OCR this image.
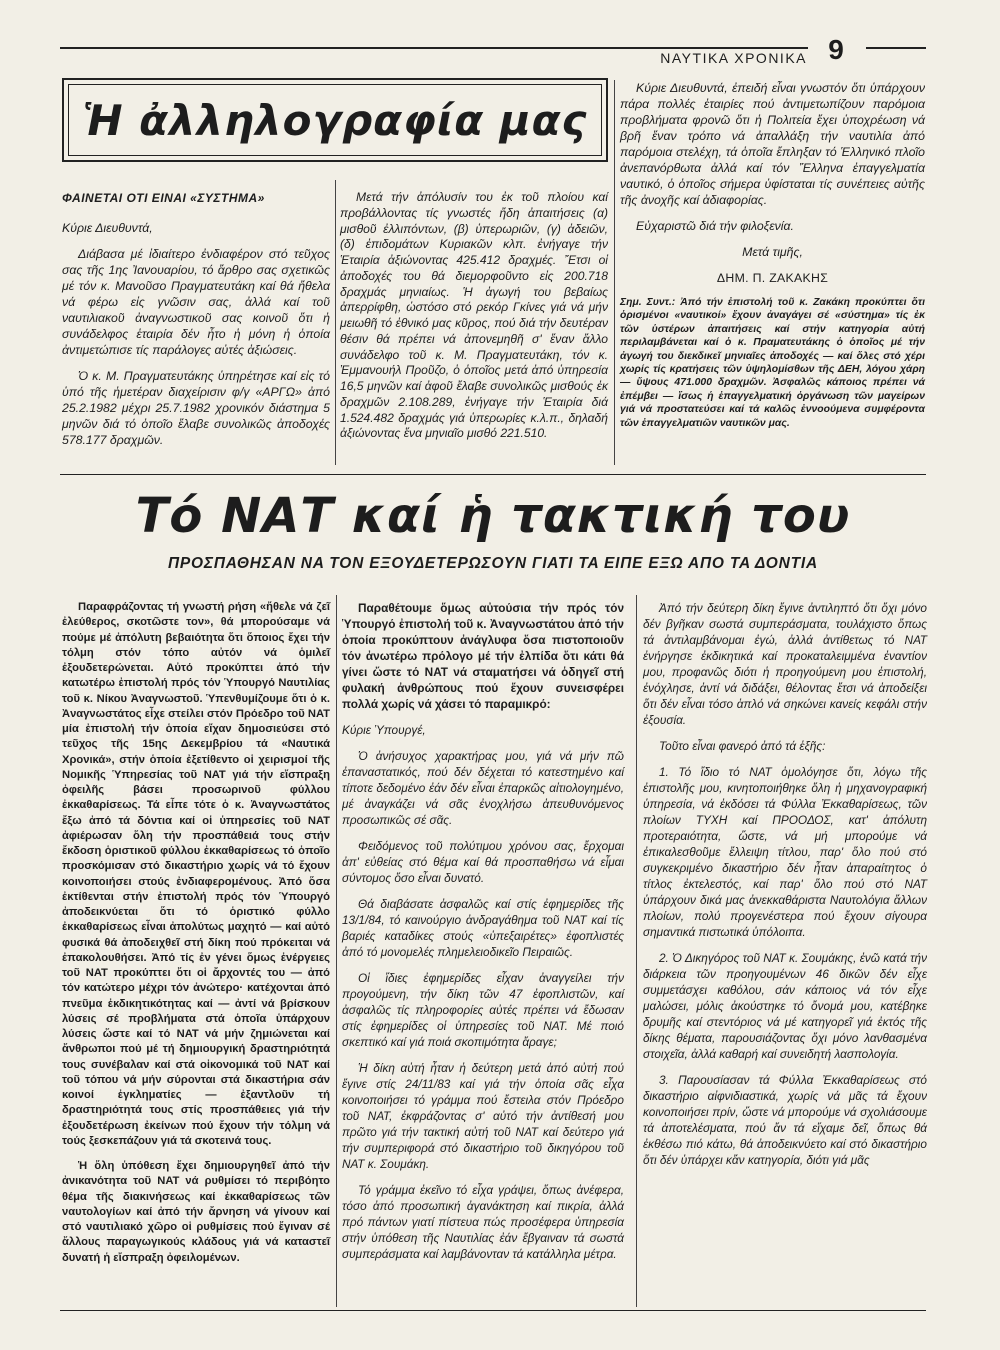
ΝΑΥΤΙΚΑ ΧΡΟΝΙΚΑ 9
Ἡ ἀλληλογραφία μας
ΦΑΙΝΕΤΑΙ ΟΤΙ ΕΙΝΑΙ «ΣΥΣΤΗΜΑ»

Κύριε Διευθυντά,

Διάβασα μέ ἰδιαίτερο ἐνδιαφέρον στό τεῦχος σας τῆς 1ης Ἰανουαρίου, τό ἄρθρο σας σχετικῶς μέ τόν κ. Μανοῦσο Πραγματευτάκη καί θά ἤθελα νά φέρω εἰς γνῶσιν σας, ἀλλά καί τοῦ ναυτιλιακοῦ ἀναγνωστικοῦ σας κοινοῦ ὅτι ἡ συνάδελφος ἑταιρία δέν ἦτο ἡ μόνη ἡ ὁποία ἀντιμετώπισε τίς παράλογες αὐτές ἀξιώσεις.

Ὁ κ. Μ. Πραγματευτάκης ὑπηρέτησε καί εἰς τό ὑπό τῆς ἡμετέραν διαχείρισιν φ/γ «ΑΡΓΩ» ἀπό 25.2.1982 μέχρι 25.7.1982 χρονικόν διάστημα 5 μηνῶν διά τό ὁποῖο ἔλαβε συνολικῶς ἀποδοχές 578.177 δραχμῶν.

Μετά τήν ἀπόλυσίν του ἐκ τοῦ πλοίου καί προβάλλοντας τίς γνωστές ἤδη ἀπαιτήσεις (α) μισθοῦ ἐλλιπόντων, (β) ὑπερωριῶν, (γ) ἀδειῶν, (δ) ἐπιδομάτων Κυριακῶν κλπ. ἐνήγαγε τήν Ἑταιρία ἀξιώνοντας 425.412 δραχμές. Ἔτσι οἱ ἀποδοχές του θά διεμορφοῦντο εἰς 200.718 δραχμάς μηνιαίως. Ἡ ἀγωγή του βεβαίως ἀπερρίφθη, ὡστόσο στό ρεκόρ Γκίνες γιά νά μήν μειωθῆ τό ἐθνικό μας κῦρος, πού διά τήν δευτέραν θέσιν θά πρέπει νά ἀπονεμηθῆ σ' ἕναν ἄλλο συνάδελφο τοῦ κ. Μ. Πραγματευτάκη, τόν κ. Ἐμμανουήλ Προῦζο, ὁ ὁποῖος μετά ἀπό ὑπηρεσία 16,5 μηνῶν καί ἀφοῦ ἔλαβε συνολικῶς μισθούς ἐκ δραχμῶν 2.108.289, ἐνήγαγε τήν Ἑταιρία διά 1.524.482 δραχμάς γιά ὑπερωρίες κ.λ.π., δηλαδή ἀξιώνοντας ἕνα μηνιαῖο μισθό 221.510.

Κύριε Διευθυντά, ἐπειδή εἶναι γνωστόν ὅτι ὑπάρχουν πάρα πολλές ἑταιρίες πού ἀντιμετωπίζουν παρόμοια προβλήματα φρονῶ ὅτι ἡ Πολιτεία ἔχει ὑποχρέωση νά βρῆ ἕναν τρόπο νά ἀπαλλάξη τήν ναυτιλία ἀπό παρόμοια στελέχη, τά ὁποῖα ἔπληξαν τό Ἑλληνικό πλοῖο ἀνεπανόρθωτα ἀλλά καί τόν Ἕλληνα ἐπαγγελματία ναυτικό, ὁ ὁποῖος σήμερα ὑφίσταται τίς συνέπειες αὐτῆς τῆς ἀνοχῆς καί ἀδιαφορίας.

Εὐχαριστῶ διά τήν φιλοξενία.

Μετά τιμῆς,

ΔΗΜ. Π. ΖΑΚΑΚΗΣ

Σημ. Συντ.: Ἀπό τήν ἐπιστολή τοῦ κ. Ζακάκη προκύπτει ὅτι ὁρισμένοι «ναυτικοί» ἔχουν ἀναγάγει σέ «σύστημα» τίς ἐκ τῶν ὑστέρων ἀπαιτήσεις καί στήν κατηγορία αὐτή περιλαμβάνεται καί ὁ κ. Πραματευτάκης ὁ ὁποῖος μέ τήν ἀγωγή του διεκδικεῖ μηνιαῖες ἀποδοχές — καί ὅλες στό χέρι χωρίς τίς κρατήσεις τῶν ὑψηλομίσθων τῆς ΔΕΗ, λόγου χάρη — ὕψους 471.000 δραχμῶν. Ἀσφαλῶς κάποιος πρέπει νά ἐπέμβει — ἴσως ἡ ἐπαγγελματική ὀργάνωση τῶν μαγείρων γιά νά προστατεύσει καί τά καλῶς ἐννοούμενα συμφέροντα τῶν ἐπαγγελματιῶν ναυτικῶν μας.

Τό ΝΑΤ καί ἡ τακτική του
ΠΡΟΣΠΑΘΗΣΑΝ ΝΑ ΤΟΝ ΕΞΟΥΔΕΤΕΡΩΣΟΥΝ ΓΙΑΤΙ ΤΑ ΕΙΠΕ ΕΞΩ ΑΠΟ ΤΑ ΔΟΝΤΙΑ

Παραφράζοντας τή γνωστή ρήση «ἤθελε νά ζεῖ ἐλεύθερος, σκοτῶστε τον», θά μπορούσαμε νά πούμε μέ ἀπόλυτη βεβαιότητα ὅτι ὅποιος ἔχει τήν τόλμη στόν τόπο αὐτόν νά ὁμιλεῖ ἐξουδετερώνεται. Αὐτό προκύπτει ἀπό τήν κατωτέρω ἐπιστολή πρός τόν Ὑπουργό Ναυτιλίας τοῦ κ. Νίκου Ἀναγνωστοῦ. Ὑπενθυμίζουμε ὅτι ὁ κ. Ἀναγνωστάτος εἶχε στείλει στόν Πρόεδρο τοῦ ΝΑΤ μία ἐπιστολή τήν ὁποία εἴχαν δημοσιεύσει στό τεῦχος τῆς 15ης Δεκεμβρίου τά «Ναυτικά Χρονικά», στήν ὁποία ἐξετίθεντο οἱ χειρισμοί τῆς Νομικῆς Ὑπηρεσίας τοῦ ΝΑΤ γιά τήν εἴσπραξη ὀφειλῆς βάσει προσωρινοῦ φύλλου ἐκκαθαρίσεως. Τά εἶπε τότε ὁ κ. Ἀναγνωστάτος ἔξω ἀπό τά δόντια καί οἱ ὑπηρεσίες τοῦ ΝΑΤ ἀφιέρωσαν ὅλη τήν προσπάθειά τους στήν ἔκδοση ὁριστικοῦ φύλλου ἐκκαθαρίσεως τό ὁποῖο προσκόμισαν στό δικαστήριο χωρίς νά τό ἔχουν κοινοποιήσει στούς ἐνδιαφερομένους. Ἀπό ὅσα ἐκτίθενται στήν ἐπιστολή πρός τόν Ὑπουργό ἀποδεικνύεται ὅτι τό ὁριστικό φύλλο ἐκκαθαρίσεως εἶναι ἀπολύτως μαχητό — καί αὐτό φυσικά θά ἀποδειχθεῖ στή δίκη πού πρόκειται νά ἐπακολουθήσει. Ἀπό τίς ἐν γένει ὅμως ἐνέργειες τοῦ ΝΑΤ προκύπτει ὅτι οἱ ἄρχοντές του — ἀπό τόν κατώτερο μέχρι τόν ἀνώτερο· κατέχονται ἀπό πνεῦμα ἐκδικητικότητας καί — ἀντί νά βρίσκουν λύσεις σέ προβλήματα στά ὁποῖα ὑπάρχουν λύσεις ὥστε καί τό ΝΑΤ νά μήν ζημιώνεται καί ἄνθρωποι πού μέ τή δημιουργική δραστηριότητά τους συνέβαλαν καί στά οἰκονομικά τοῦ ΝΑΤ καί τοῦ τόπου νά μήν σύρονται στά δικαστήρια σάν κοινοί ἐγκληματίες — ἐξαντλοῦν τή δραστηριότητά τους στίς προσπάθειες γιά τήν ἐξουδετέρωση ἐκείνων πού ἔχουν τήν τόλμη νά τούς ξεσκεπάζουν γιά τά σκοτεινά τους.

Ἡ ὅλη ὑπόθεση ἔχει δημιουργηθεῖ ἀπό τήν ἀνικανότητα τοῦ ΝΑΤ νά ρυθμίσει τό περιβόητο θέμα τῆς διακινήσεως καί ἐκκαθαρίσεως τῶν ναυτολογίων καί ἀπό τήν ἄρνηση νά γίνουν καί στό ναυτιλιακό χῶρο οἱ ρυθμίσεις πού ἔγιναν σέ ἄλλους παραγωγικούς κλάδους γιά νά καταστεῖ δυνατή ἡ εἴσπραξη ὀφειλομένων.

Παραθέτουμε ὅμως αὐτούσια τήν πρός τόν Ὑπουργό ἐπιστολή τοῦ κ. Ἀναγνωστάτου ἀπό τήν ὁποία προκύπτουν ἀνάγλυφα ὅσα πιστοποιοῦν τόν ἀνωτέρω πρόλογο μέ τήν ἐλπίδα ὅτι κάτι θά γίνει ὥστε τό ΝΑΤ νά σταματήσει νά ὁδηγεῖ στή φυλακή ἀνθρώπους πού ἔχουν συνεισφέρει πολλά χωρίς νά χάσει τό παραμικρό:

Κύριε Ὑπουργέ,

Ὁ ἀνήσυχος χαρακτήρας μου, γιά νά μήν πῶ ἐπαναστατικός, πού δέν δέχεται τό κατεστημένο καί τίποτε δεδομένο ἐάν δέν εἶναι ἐπαρκῶς αἰτιολογημένο, μέ ἀναγκάζει νά σᾶς ἐνοχλήσω ἀπευθυνόμενος προσωπικῶς σέ σᾶς.

Φειδόμενος τοῦ πολύτιμου χρόνου σας, ἔρχομαι ἀπ' εὐθείας στό θέμα καί θά προσπαθήσω νά εἶμαι σύντομος ὅσο εἶναι δυνατό.

Θά διαβάσατε ἀσφαλῶς καί στίς ἐφημερίδες τῆς 13/1/84, τό καινούργιο ἀνδραγάθημα τοῦ ΝΑΤ καί τίς βαριές καταδίκες στούς «ὑπεξαιρέτες» ἐφοπλιστές ἀπό τό μονομελές πλημελειοδικεῖο Πειραιῶς.

Οἱ ἴδιες ἐφημερίδες εἶχαν ἀναγγείλει τήν προγούμενη, τήν δίκη τῶν 47 ἐφοπλιστῶν, καί ἀσφαλῶς τίς πληροφορίες αὐτές πρέπει νά ἔδωσαν στίς ἐφημερίδες οἱ ὑπηρεσίες τοῦ ΝΑΤ. Μέ ποιό σκεπτικό καί γιά ποιά σκοπιμότητα ἄραγε;

Ἡ δίκη αὐτή ἦταν ἡ δεύτερη μετά ἀπό αὐτή πού ἔγινε στίς 24/11/83 καί γιά τήν ὁποία σᾶς εἶχα κοινοποιήσει τό γράμμα πού ἔστειλα στόν Πρόεδρο τοῦ ΝΑΤ, ἐκφράζοντας σ' αὐτό τήν ἀντίθεσή μου πρῶτο γιά τήν τακτική αὐτή τοῦ ΝΑΤ καί δεύτερο γιά τήν συμπεριφορά στό δικαστήριο τοῦ δικηγόρου τοῦ ΝΑΤ κ. Σουμάκη.

Τό γράμμα ἐκεῖνο τό εἶχα γράψει, ὅπως ἀνέφερα, τόσο ἀπό προσωπική ἀγανάκτηση καί πικρία, ἀλλά πρό πάντων γιατί πίστευα πώς προσέφερα ὑπηρεσία στήν ὑπόθεση τῆς Ναυτιλίας ἐάν ἔβγαιναν τά σωστά συμπεράσματα καί λαμβάνονταν τά κατάλληλα μέτρα.

Ἀπό τήν δεύτερη δίκη ἔγινε ἀντιληπτό ὅτι ὄχι μόνο δέν βγῆκαν σωστά συμπεράσματα, τουλάχιστο ὅπως τά ἀντιλαμβάνομαι ἐγώ, ἀλλά ἀντίθετως τό ΝΑΤ ἐνήργησε ἐκδικητικά καί προκαταλειμμένα ἐναντίον μου, προφανῶς διότι ἡ προηγούμενη μου ἐπιστολή, ἐνόχλησε, ἀντί νά διδάξει, θέλοντας ἔτσι νά ἀποδείξει ὅτι δέν εἶναι τόσο ἁπλό νά σηκώνει κανείς κεφάλι στήν ἐξουσία.

Τοῦτο εἶναι φανερό ἀπό τά ἑξῆς:

1. Τό ἴδιο τό ΝΑΤ ὁμολόγησε ὅτι, λόγω τῆς ἐπιστολῆς μου, κινητοποιήθηκε ὅλη ἡ μηχανογραφική ὑπηρεσία, νά ἐκδόσει τά Φύλλα Ἐκκαθαρίσεως, τῶν πλοίων ΤΥΧΗ καί ΠΡΟΟΔΟΣ, κατ' ἀπόλυτη προτεραιότητα, ὥστε, νά μή μπορούμε νά ἐπικαλεσθοῦμε ἔλλειψη τίτλου, παρ' ὅλο πού στό συγκεκριμένο δικαστήριο δέν ἦταν ἀπαραίτητος ὁ τίτλος ἐκτελεστός, καί παρ' ὅλο πού στό ΝΑΤ ὑπάρχουν δικά μας ἀνεκκαθάριστα Ναυτολόγια ἄλλων πλοίων, πολύ προγενέστερα πού ἔχουν σίγουρα σημαντικά πιστωτικά ὑπόλοιπα.

2. Ὁ Δικηγόρος τοῦ ΝΑΤ κ. Σουμάκης, ἐνῶ κατά τήν διάρκεια τῶν προηγουμένων 46 δικῶν δέν εἶχε συμμετάσχει καθόλου, σάν κάποιος νά τόν εἶχε μαλώσει, μόλις ἀκούστηκε τό ὄνομά μου, κατέβηκε δρυμῆς καί στεντόριος νά μέ κατηγορεῖ γιά ἐκτός τῆς δίκης θέματα, παρουσιάζοντας ὄχι μόνο λανθασμένα στοιχεῖα, ἀλλά καθαρή καί συνειδητή λασπολογία.

3. Παρουσίασαν τά Φύλλα Ἐκκαθαρίσεως στό δικαστήριο αἰφνιδιαστικά, χωρίς νά μᾶς τά ἔχουν κοινοποιήσει πρίν, ὥστε νά μπορούμε νά σχολιάσουμε τά ἀποτελέσματα, πού ἄν τά εἴχαμε δεῖ, ὅπως θά ἐκθέσω πιό κάτω, θά ἀποδεικνύετο καί στό δικαστήριο ὅτι δέν ὑπάρχει κἄν κατηγορία, διότι γιά μᾶς
